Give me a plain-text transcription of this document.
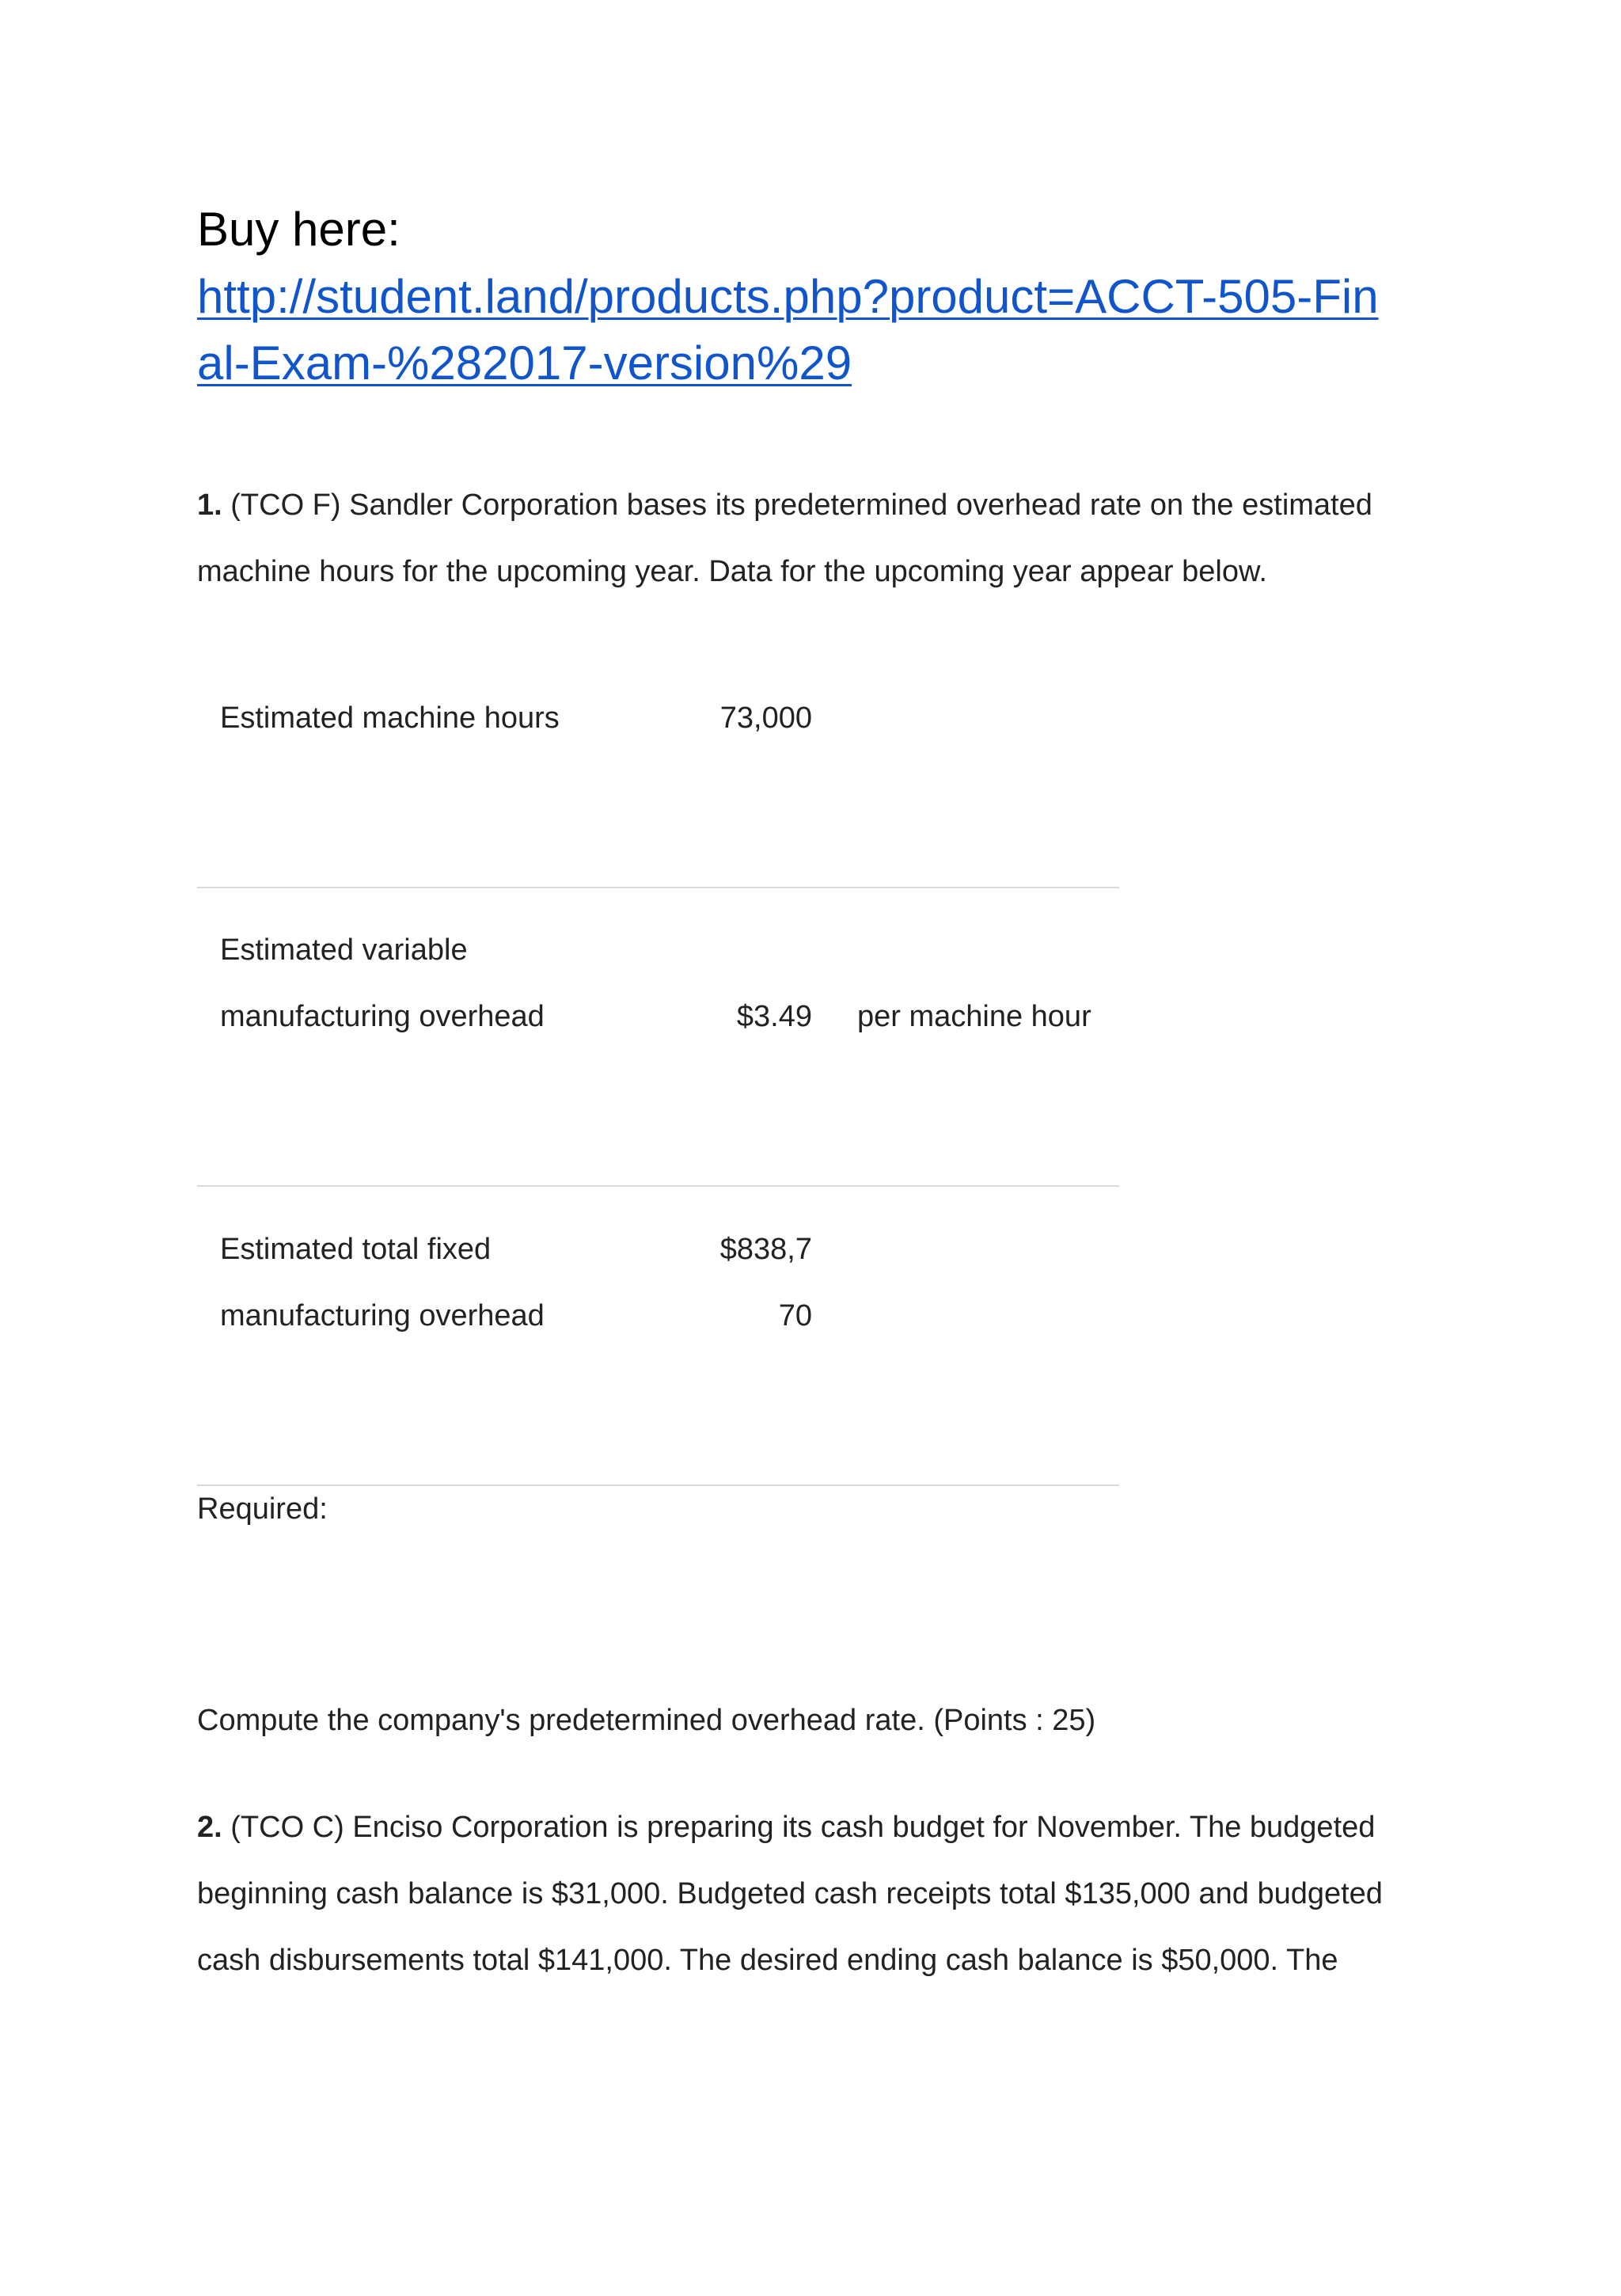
Buy here:
http://student.land/products.php?product=ACCT-505-Fin
al-Exam-%282017-version%29
1. (TCO F) Sandler Corporation bases its predetermined overhead rate on the estimated
machine hours for the upcoming year. Data for the upcoming year appear below.
Estimated machine hours	73,000
Estimated variable
manufacturing overhead	$3.49 per machine hour
Estimated total fixed
manufacturing overhead
$838,7
70
Required:
Compute the company's predetermined overhead rate. (Points : 25)
2. (TCO C) Enciso Corporation is preparing its cash budget for November. The budgeted
beginning cash balance is $31,000. Budgeted cash receipts total $135,000 and budgeted
cash disbursements total $141,000. The desired ending cash balance is $50,000. The
